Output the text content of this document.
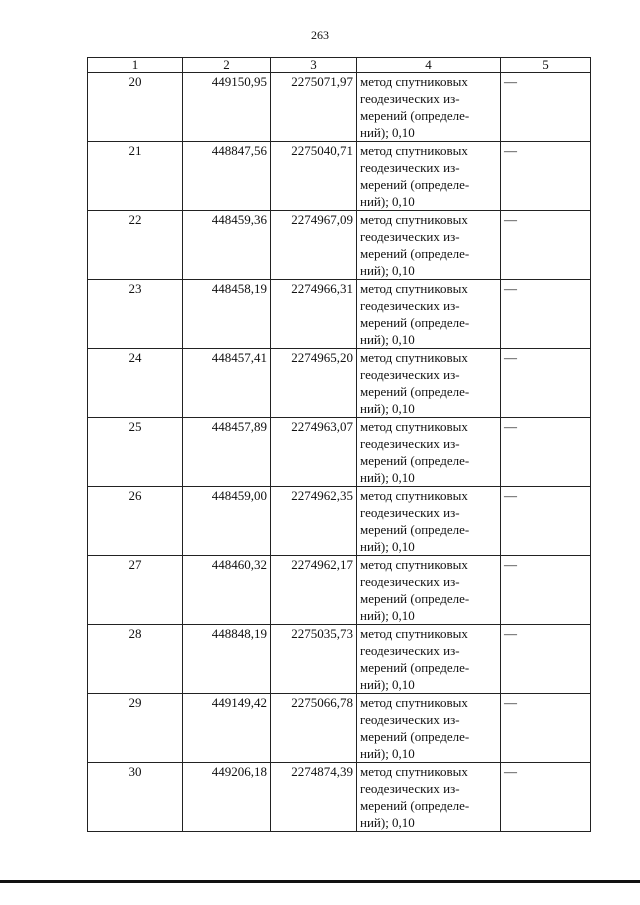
263
1	2	3	4	5
20	449150,95	2275071,97	метод спутниковых
геодезических из-
мерений (определе-
ний); 0,10	—
21	448847,56	2275040,71	метод спутниковых
геодезических из-
мерений (определе-
ний); 0,10	—
22	448459,36	2274967,09	метод спутниковых
геодезических из-
мерений (определе-
ний); 0,10	—
23	448458,19	2274966,31	метод спутниковых
геодезических из-
мерений (определе-
ний); 0,10	—
24	448457,41	2274965,20	метод спутниковых
геодезических из-
мерений (определе-
ний); 0,10	—
25	448457,89	2274963,07	метод спутниковых
геодезических из-
мерений (определе-
ний); 0,10	—
26	448459,00	2274962,35	метод спутниковых
геодезических из-
мерений (определе-
ний); 0,10	—
27	448460,32	2274962,17	метод спутниковых
геодезических из-
мерений (определе-
ний); 0,10	—
28	448848,19	2275035,73	метод спутниковых
геодезических из-
мерений (определе-
ний); 0,10	—
29	449149,42	2275066,78	метод спутниковых
геодезических из-
мерений (определе-
ний); 0,10	—
30	449206,18	2274874,39	метод спутниковых
геодезических из-
мерений (определе-
ний); 0,10	—
